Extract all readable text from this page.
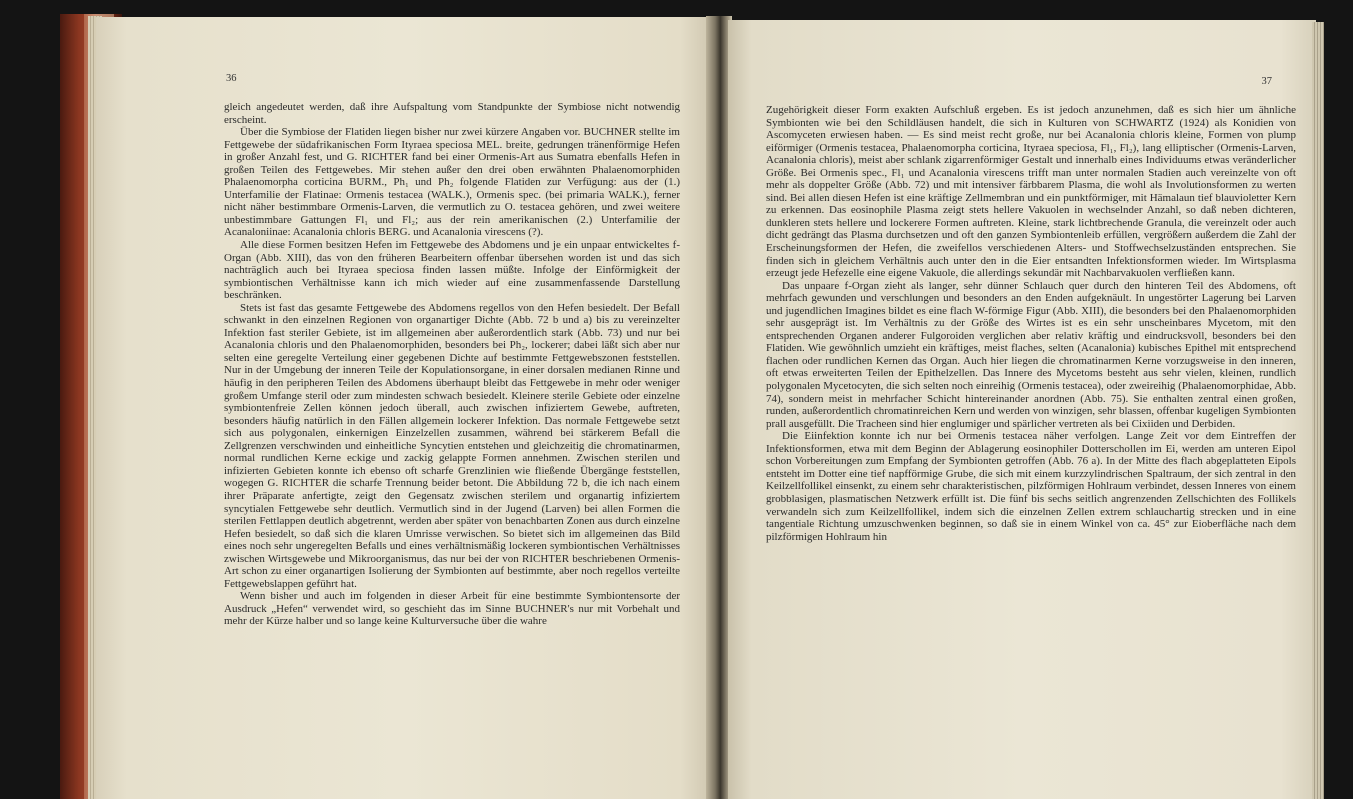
36

gleich angedeutet werden, daß ihre Aufspaltung vom Standpunkte der Symbiose nicht notwendig erscheint.

Über die Symbiose der Flatiden liegen bisher nur zwei kürzere Angaben vor. BUCHNER stellte im Fettgewebe der südafrikanischen Form Ityraea speciosa MEL. breite, gedrungen tränenförmige Hefen in großer Anzahl fest, und G. RICHTER fand bei einer Ormenis-Art aus Sumatra ebenfalls Hefen in großen Teilen des Fettgewebes. Mir stehen außer den drei oben erwähnten Phalaenomorphiden Phalaenomorpha corticina BURM., Ph₁ und Ph₂ folgende Flatiden zur Verfügung: aus der (1.) Unterfamilie der Flatinae: Ormenis testacea (WALK.), Ormenis spec. (bei primaria WALK.), ferner nicht näher bestimmbare Ormenis-Larven, die vermutlich zu O. testacea gehören, und zwei weitere unbestimmbare Gattungen Fl₁ und Fl₂; aus der rein amerikanischen (2.) Unterfamilie der Acanaloniinae: Acanalonia chloris BERG. und Acanalonia virescens (?).

Alle diese Formen besitzen Hefen im Fettgewebe des Abdomens und je ein unpaar entwickeltes f-Organ (Abb. XIII), das von den früheren Bearbeitern offenbar übersehen worden ist und das sich nachträglich auch bei Ityraea speciosa finden lassen müßte. Infolge der Einförmigkeit der symbiontischen Verhältnisse kann ich mich wieder auf eine zusammenfassende Darstellung beschränken.

Stets ist fast das gesamte Fettgewebe des Abdomens regellos von den Hefen besiedelt. Der Befall schwankt in den einzelnen Regionen von organartiger Dichte (Abb. 72 b und a) bis zu vereinzelter Infektion fast steriler Gebiete, ist im allgemeinen aber außerordentlich stark (Abb. 73) und nur bei Acanalonia chloris und den Phalaenomorphiden, besonders bei Ph₂, lockerer; dabei läßt sich aber nur selten eine geregelte Verteilung einer gegebenen Dichte auf bestimmte Fettgewebszonen feststellen. Nur in der Umgebung der inneren Teile der Kopulationsorgane, in einer dorsalen medianen Rinne und häufig in den peripheren Teilen des Abdomens überhaupt bleibt das Fettgewebe in mehr oder weniger großem Umfange steril oder zum mindesten schwach besiedelt. Kleinere sterile Gebiete oder einzelne symbiontenfreie Zellen können jedoch überall, auch zwischen infiziertem Gewebe, auftreten, besonders häufig natürlich in den Fällen allgemein lockerer Infektion. Das normale Fettgewebe setzt sich aus polygonalen, einkernigen Einzelzellen zusammen, während bei stärkerem Befall die Zellgrenzen verschwinden und einheitliche Syncytien entstehen und gleichzeitig die chromatinarmen, normal rundlichen Kerne eckige und zackig gelappte Formen annehmen. Zwischen sterilen und infizierten Gebieten konnte ich ebenso oft scharfe Grenzlinien wie fließende Übergänge feststellen, wogegen G. RICHTER die scharfe Trennung beider betont. Die Abbildung 72 b, die ich nach einem ihrer Präparate anfertigte, zeigt den Gegensatz zwischen sterilem und organartig infiziertem syncytialen Fettgewebe sehr deutlich. Vermutlich sind in der Jugend (Larven) bei allen Formen die sterilen Fettlappen deutlich abgetrennt, werden aber später von benachbarten Zonen aus durch einzelne Hefen besiedelt, so daß sich die klaren Umrisse verwischen. So bietet sich im allgemeinen das Bild eines noch sehr ungeregelten Befalls und eines verhältnismäßig lockeren symbiontischen Verhältnisses zwischen Wirtsgewebe und Mikroorganismus, das nur bei der von RICHTER beschriebenen Ormenis-Art schon zu einer organartigen Isolierung der Symbionten auf bestimmte, aber noch regellos verteilte Fettgewebslappen geführt hat.

Wenn bisher und auch im folgenden in dieser Arbeit für eine bestimmte Symbiontensorte der Ausdruck „Hefen“ verwendet wird, so geschieht das im Sinne BUCHNER's nur mit Vorbehalt und mehr der Kürze halber und so lange keine Kulturversuche über die wahre

37

Zugehörigkeit dieser Form exakten Aufschluß ergeben. Es ist jedoch anzunehmen, daß es sich hier um ähnliche Symbionten wie bei den Schildläusen handelt, die sich in Kulturen von SCHWARTZ (1924) als Konidien von Ascomyceten erwiesen haben. — Es sind meist recht große, nur bei Acanalonia chloris kleine, Formen von plump eiförmiger (Ormenis testacea, Phalaenomorpha corticina, Ityraea speciosa, Fl₁, Fl₂), lang elliptischer (Ormenis-Larven, Acanalonia chloris), meist aber schlank zigarrenförmiger Gestalt und innerhalb eines Individuums etwas veränderlicher Größe. Bei Ormenis spec., Fl₁ und Acanalonia virescens trifft man unter normalen Stadien auch vereinzelte von oft mehr als doppelter Größe (Abb. 72) und mit intensiver färbbarem Plasma, die wohl als Involutionsformen zu werten sind. Bei allen diesen Hefen ist eine kräftige Zellmembran und ein punktförmiger, mit Hämalaun tief blauvioletter Kern zu erkennen. Das eosinophile Plasma zeigt stets hellere Vakuolen in wechselnder Anzahl, so daß neben dichteren, dunkleren stets hellere und lockerere Formen auftreten. Kleine, stark lichtbrechende Granula, die vereinzelt oder auch dicht gedrängt das Plasma durchsetzen und oft den ganzen Symbiontenleib erfüllen, vergrößern außerdem die Zahl der Erscheinungsformen der Hefen, die zweifellos verschiedenen Alters- und Stoffwechselzuständen entsprechen. Sie finden sich in gleichem Verhältnis auch unter den in die Eier entsandten Infektionsformen wieder. Im Wirtsplasma erzeugt jede Hefezelle eine eigene Vakuole, die allerdings sekundär mit Nachbarvakuolen verfließen kann.

Das unpaare f-Organ zieht als langer, sehr dünner Schlauch quer durch den hinteren Teil des Abdomens, oft mehrfach gewunden und verschlungen und besonders an den Enden aufgeknäult. In ungestörter Lagerung bei Larven und jugendlichen Imagines bildet es eine flach W-förmige Figur (Abb. XIII), die besonders bei den Phalaenomorphiden sehr ausgeprägt ist. Im Verhältnis zu der Größe des Wirtes ist es ein sehr unscheinbares Mycetom, mit den entsprechenden Organen anderer Fulgoroiden verglichen aber relativ kräftig und eindrucksvoll, besonders bei den Flatiden. Wie gewöhnlich umzieht ein kräftiges, meist flaches, selten (Acanalonia) kubisches Epithel mit entsprechend flachen oder rundlichen Kernen das Organ. Auch hier liegen die chromatinarmen Kerne vorzugsweise in den inneren, oft etwas erweiterten Teilen der Epithelzellen. Das Innere des Mycetoms besteht aus sehr vielen, kleinen, rundlich polygonalen Mycetocyten, die sich selten noch einreihig (Ormenis testacea), oder zweireihig (Phalaenomorphidae, Abb. 74), sondern meist in mehrfacher Schicht hintereinander anordnen (Abb. 75). Sie enthalten zentral einen großen, runden, außerordentlich chromatinreichen Kern und werden von winzigen, sehr blassen, offenbar kugeligen Symbionten prall ausgefüllt. Die Tracheen sind hier englumiger und spärlicher vertreten als bei Cixiiden und Derbiden.

Die Eiinfektion konnte ich nur bei Ormenis testacea näher verfolgen. Lange Zeit vor dem Eintreffen der Infektionsformen, etwa mit dem Beginn der Ablagerung eosinophiler Dotterschollen im Ei, werden am unteren Eipol schon Vorbereitungen zum Empfang der Symbionten getroffen (Abb. 76 a). In der Mitte des flach abgeplatteten Eipols entsteht im Dotter eine tief napfförmige Grube, die sich mit einem kurzzylindrischen Spaltraum, der sich zentral in den Keilzellfollikel einsenkt, zu einem sehr charakteristischen, pilzförmigen Hohlraum verbindet, dessen Inneres von einem grobblasigen, plasmatischen Netzwerk erfüllt ist. Die fünf bis sechs seitlich angrenzenden Zellschichten des Follikels verwandeln sich zum Keilzellfollikel, indem sich die einzelnen Zellen extrem schlauchartig strecken und in eine tangentiale Richtung umzuschwenken beginnen, so daß sie in einem Winkel von ca. 45° zur Eioberfläche nach dem pilzförmigen Hohlraum hin
